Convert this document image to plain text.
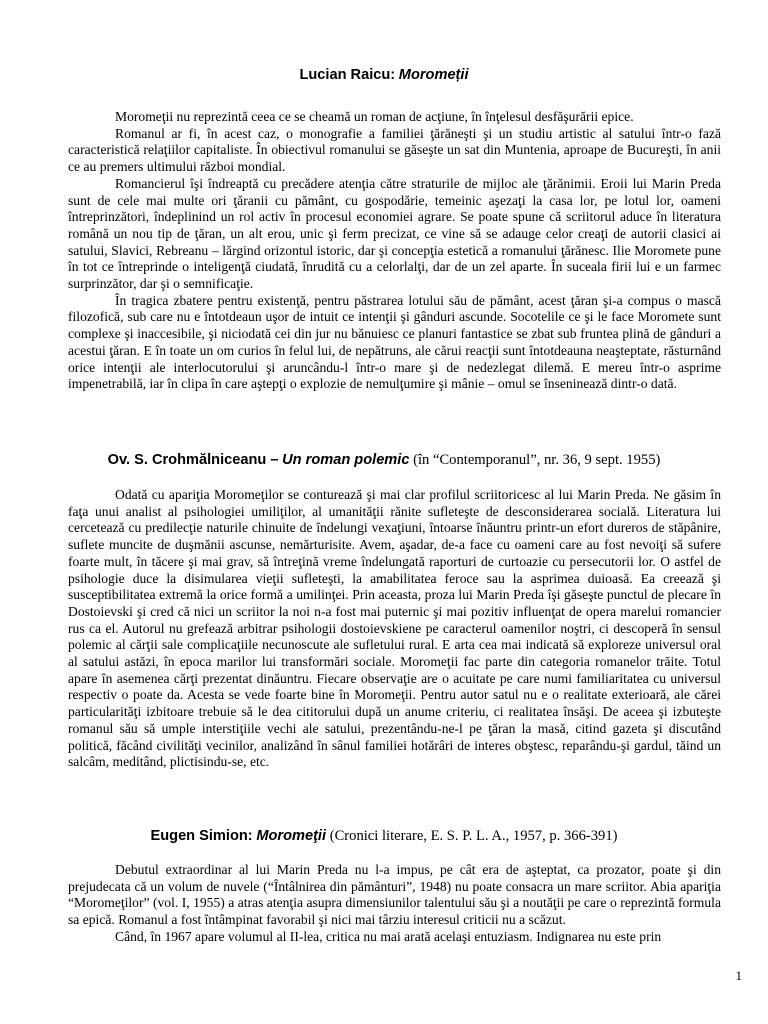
Lucian Raicu: Moromeții

Moromeţii nu reprezintă ceea ce se cheamă un roman de acţiune, în înţelesul desfăşurării epice.

Romanul ar fi, în acest caz, o monografie a familiei ţărăneşti şi un studiu artistic al satului într-o fază caracteristică relaţiilor capitaliste. În obiectivul romanului se găseşte un sat din Muntenia, aproape de Bucureşti, în anii ce au premers ultimului război mondial.

Romancierul îşi îndreaptă cu precădere atenţia către straturile de mijloc ale ţărănimii. Eroii lui Marin Preda sunt de cele mai multe ori ţăranii cu pământ, cu gospodărie, temeinic aşezaţi la casa lor, pe lotul lor, oameni întreprinzători, îndeplinind un rol activ în procesul economiei agrare. Se poate spune că scriitorul aduce în literatura română un nou tip de ţăran, un alt erou, unic şi ferm precizat, ce vine să se adauge celor creaţi de autorii clasici ai satului, Slavici, Rebreanu – lărgind orizontul istoric, dar şi concepţia estetică a romanului ţărănesc. Ilie Moromete pune în tot ce întreprinde o inteligenţă ciudată, înrudită cu a celorlalţi, dar de un zel aparte. În suceala firii lui e un farmec surprinzător, dar şi o semnificaţie.

În tragica zbatere pentru existenţă, pentru păstrarea lotului său de pământ, acest ţăran şi-a compus o mască filozofică, sub care nu e întotdeaun uşor de intuit ce intenţii şi gânduri ascunde. Socotelile ce şi le face Moromete sunt complexe şi inaccesibile, şi niciodată cei din jur nu bănuiesc ce planuri fantastice se zbat sub fruntea plină de gânduri a acestui ţăran. E în toate un om curios în felul lui, de nepătruns, ale cărui reacţii sunt întotdeauna neaşteptate, răsturnând orice intenţii ale interlocutorului şi aruncându-l într-o mare şi de nedezlegat dilemă. E mereu într-o asprime impenetrabilă, iar în clipa în care aştepţi o explozie de nemulţumire şi mânie – omul se înseninează dintr-o dată.

Ov. S. Crohmălniceanu – Un roman polemic (în “Contemporanul”, nr. 36, 9 sept. 1955)

Odată cu apariţia Moromeţilor se conturează şi mai clar profilul scriitoricesc al lui Marin Preda. Ne găsim în faţa unui analist al psihologiei umiliţilor, al umanităţii rănite sufleteşte de desconsiderarea socială. Literatura lui cercetează cu predilecţie naturile chinuite de îndelungi vexaţiuni, întoarse înăuntru printr-un efort dureros de stăpânire, suflete muncite de duşmănii ascunse, nemărturisite. Avem, aşadar, de-a face cu oameni care au fost nevoiţi să sufere foarte mult, în tăcere şi mai grav, să întreţină vreme îndelungată raporturi de curtoazie cu persecutorii lor. O astfel de psihologie duce la disimularea vieţii sufleteşti, la amabilitatea feroce sau la asprimea duioasă. Ea creează şi susceptibilitatea extremă la orice formă a umilinţei. Prin aceasta, proza lui Marin Preda îşi găseşte punctul de plecare în Dostoievski şi cred că nici un scriitor la noi n-a fost mai puternic şi mai pozitiv influenţat de opera marelui romancier rus ca el. Autorul nu grefează arbitrar psihologii dostoievskiene pe caracterul oamenilor noştri, ci descoperă în sensul polemic al cărţii sale complicaţiile necunoscute ale sufletului rural. E arta cea mai indicată să exploreze universul oral al satului astăzi, în epoca marilor lui transformări sociale. Moromeţii fac parte din categoria romanelor trăite. Totul apare în asemenea cărţi prezentat dinăuntru. Fiecare observaţie are o acuitate pe care numi familiaritatea cu universul respectiv o poate da. Acesta se vede foarte bine în Moromeţii. Pentru autor satul nu e o realitate exterioară, ale cărei particularităţi izbitoare trebuie să le dea cititorului după un anume criteriu, ci realitatea însăşi. De aceea şi izbuteşte romanul său să umple interstiţiile vechi ale satului, prezentându-ne-l pe ţăran la masă, citind gazeta şi discutând politică, făcând civilităţi vecinilor, analizând în sânul familiei hotărâri de interes obştesc, reparându-şi gardul, tăind un salcâm, meditând, plictisindu-se, etc.

Eugen Simion: Moromeţii (Cronici literare, E. S. P. L. A., 1957, p. 366-391)

Debutul extraordinar al lui Marin Preda nu l-a impus, pe cât era de aşteptat, ca prozator, poate şi din prejudecata că un volum de nuvele (“Întâlnirea din pământuri”, 1948) nu poate consacra un mare scriitor. Abia apariţia “Moromeţilor” (vol. I, 1955) a atras atenţia asupra dimensiunilor talentului său şi a noutăţii pe care o reprezintă formula sa epică. Romanul a fost întâmpinat favorabil şi nici mai târziu interesul criticii nu a scăzut.

Când, în 1967 apare volumul al II-lea, critica nu mai arată acelaşi entuziasm. Indignarea nu este prin

1
